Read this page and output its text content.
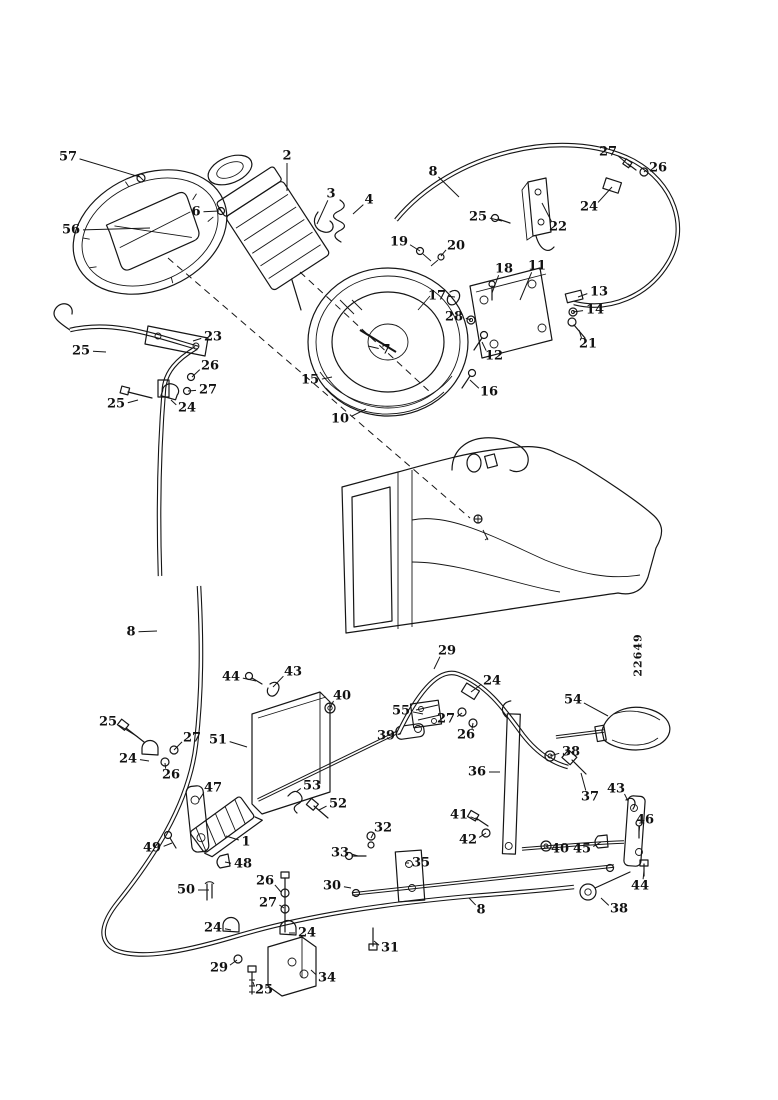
22649
57
56
6
2
3 4
8
27
26
24
22
25
19	20
18 11
17
28
13
14
21
12
16
7
15
10
23
25
26
27
25	24
8
44	43
40
29
24
55
27
26
39
54
38
36
37
43
41
42
40 45
46
44
38
8
25
27
24
26
51
47	53
52
49	1
48
50
26
27
24	24
29
25
34
33
32
30
35
31
